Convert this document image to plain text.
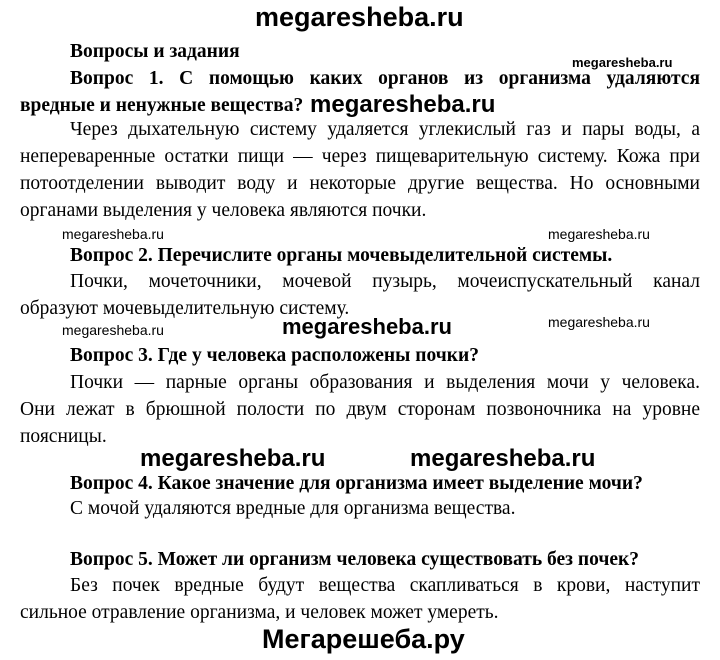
megaresheba.ru
Вопросы и задания
megaresheba.ru
Вопрос 1. С помощью каких органов из организма удаляются
вредные и ненужные вещества? megaresheba.ru
Через дыхательную систему удаляется углекислый газ и пары воды, а
непереваренные остатки пищи — через пищеварительную систему. Кожа при
потоотделении выводит воду и некоторые другие вещества. Но основными
органами выделения у человека являются почки.
megaresheba.ru	megaresheba.ru
Вопрос 2. Перечислите органы мочевыделительной системы.
Почки, мочеточники, мочевой пузырь, мочеиспускательный канал
образуют мочевыделительную систему.
megaresheba.ru	megaresheba.ru	megaresheba.ru
Вопрос 3. Где у человека расположены почки?
Почки — парные органы образования и выделения мочи у человека.
Они лежат в брюшной полости по двум сторонам позвоночника на уровне
поясницы.
megaresheba.ru	megaresheba.ru
Вопрос 4. Какое значение для организма имеет выделение мочи?
С мочой удаляются вредные для организма вещества.
Вопрос 5. Может ли организм человека существовать без почек?
Без почек вредные будут вещества скапливаться в крови, наступит
сильное отравление организма, и человек может умереть.
Мегарешеба.ру
